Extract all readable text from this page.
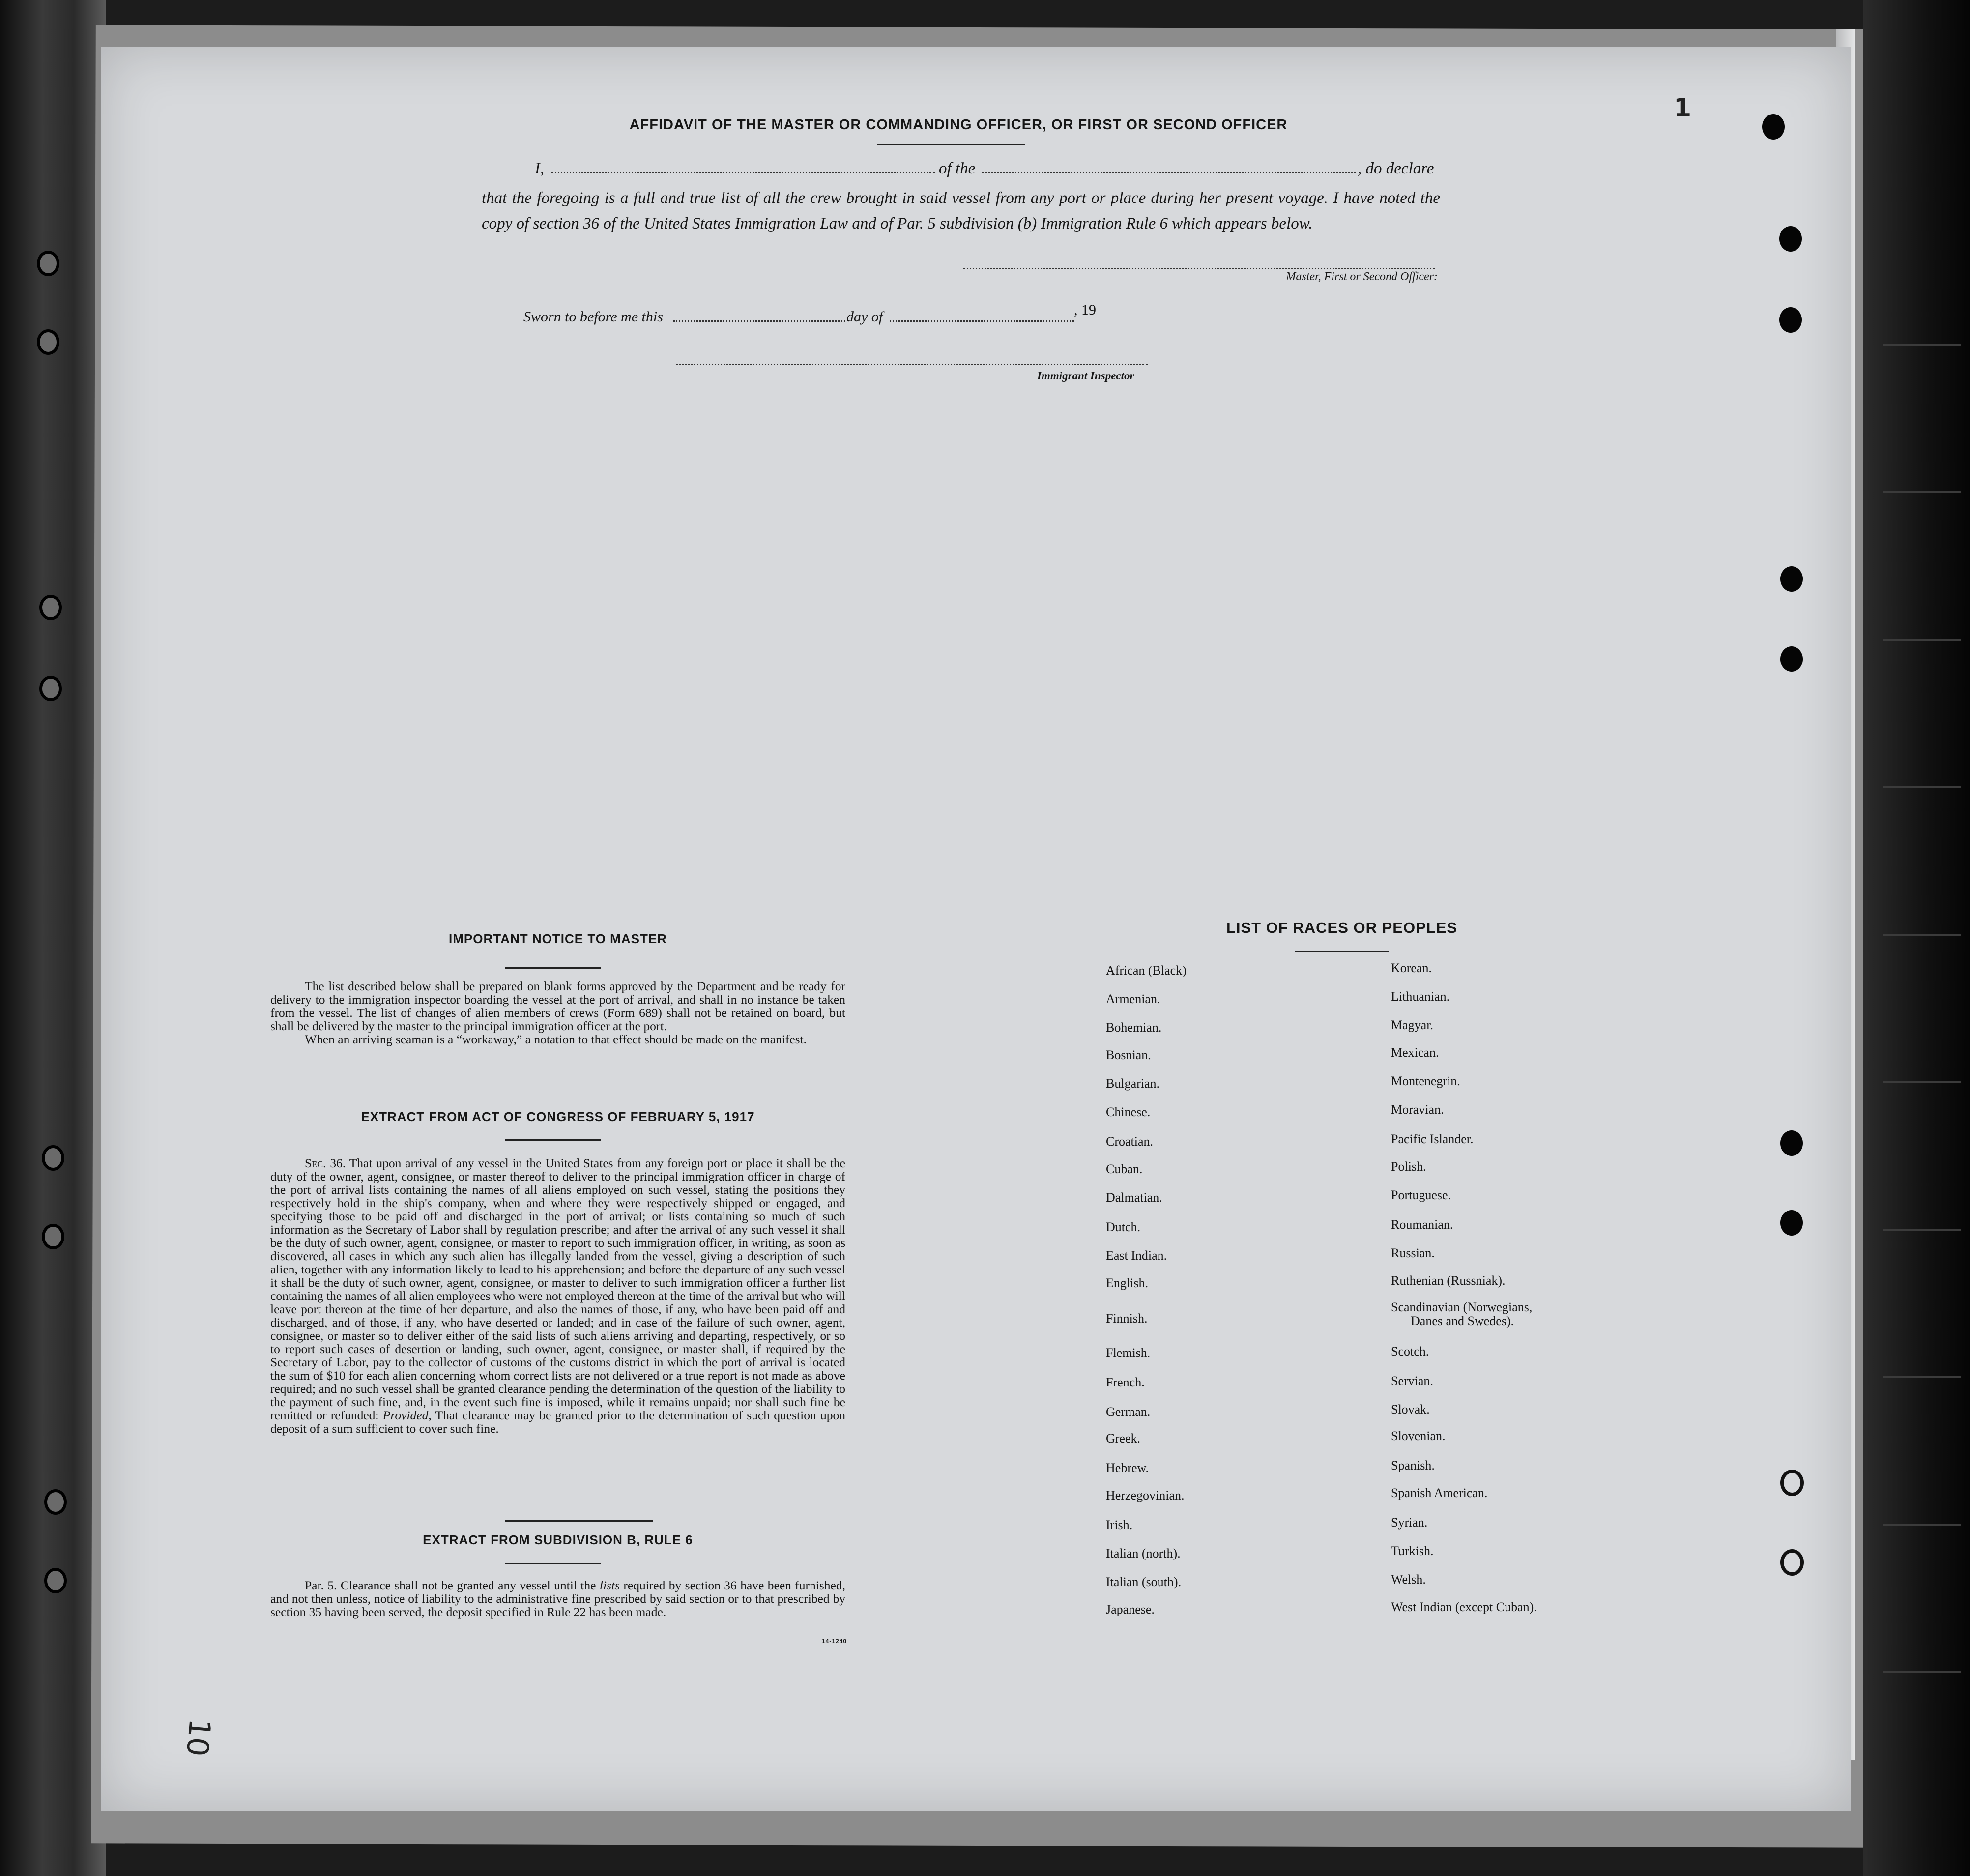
1
10
AFFIDAVIT OF THE MASTER OR COMMANDING OFFICER, OR FIRST OR SECOND OFFICER
I,	of the	, do declare
that the foregoing is a full and true list of all the crew brought in said vessel from any port or place during her present voyage. I have noted the copy of section 36 of the United States Immigration Law and of Par. 5 subdivision (b) Immigration Rule 6 which appears below.
Master, First or Second Officer:
Sworn to before me this	day of	, 19
Immigrant Inspector
IMPORTANT NOTICE TO MASTER

The list described below shall be prepared on blank forms approved by the Department and be ready for delivery to the immigration inspector boarding the vessel at the port of arrival, and shall in no instance be taken from the vessel. The list of changes of alien members of crews (Form 689) shall not be retained on board, but shall be delivered by the master to the principal immigration officer at the port.

When an arriving seaman is a “workaway,” a notation to that effect should be made on the manifest.

EXTRACT FROM ACT OF CONGRESS OF FEBRUARY 5, 1917

Sec. 36. That upon arrival of any vessel in the United States from any foreign port or place it shall be the duty of the owner, agent, consignee, or master thereof to deliver to the principal immigration officer in charge of the port of arrival lists containing the names of all aliens employed on such vessel, stating the positions they respectively hold in the ship's company, when and where they were respectively shipped or engaged, and specifying those to be paid off and discharged in the port of arrival; or lists containing so much of such information as the Secretary of Labor shall by regulation prescribe; and after the arrival of any such vessel it shall be the duty of such owner, agent, consignee, or master to report to such immigration officer, in writing, as soon as discovered, all cases in which any such alien has illegally landed from the vessel, giving a description of such alien, together with any information likely to lead to his apprehension; and before the departure of any such vessel it shall be the duty of such owner, agent, consignee, or master to deliver to such immigration officer a further list containing the names of all alien employees who were not employed thereon at the time of the arrival but who will leave port thereon at the time of her departure, and also the names of those, if any, who have been paid off and discharged, and of those, if any, who have deserted or landed; and in case of the failure of such owner, agent, consignee, or master so to deliver either of the said lists of such aliens arriving and departing, respectively, or so to report such cases of desertion or landing, such owner, agent, consignee, or master shall, if required by the Secretary of Labor, pay to the collector of customs of the customs district in which the port of arrival is located the sum of $10 for each alien concerning whom correct lists are not delivered or a true report is not made as above required; and no such vessel shall be granted clearance pending the determination of the question of the liability to the payment of such fine, and, in the event such fine is imposed, while it remains unpaid; nor shall such fine be remitted or refunded: Provided, That clearance may be granted prior to the determination of such question upon deposit of a sum sufficient to cover such fine.

EXTRACT FROM SUBDIVISION B, RULE 6

Par. 5. Clearance shall not be granted any vessel until the lists required by section 36 have been furnished, and not then unless, notice of liability to the administrative fine prescribed by said section or to that prescribed by section 35 having been served, the deposit specified in Rule 22 has been made.

14-1240
LIST OF RACES OR PEOPLES
African (Black)
Armenian.
Bohemian.
Bosnian.
Bulgarian.
Chinese.
Croatian.
Cuban.
Dalmatian.
Dutch.
East Indian.
English.
Finnish.
Flemish.
French.
German.
Greek.
Hebrew.
Herzegovinian.
Irish.
Italian (north).
Italian (south).
Japanese.
Korean.
Lithuanian.
Magyar.
Mexican.
Montenegrin.
Moravian.
Pacific Islander.
Polish.
Portuguese.
Roumanian.
Russian.
Ruthenian (Russniak).
Scandinavian (Norwegians,
Danes and Swedes).
Scotch.
Servian.
Slovak.
Slovenian.
Spanish.
Spanish American.
Syrian.
Turkish.
Welsh.
West Indian (except Cuban).
